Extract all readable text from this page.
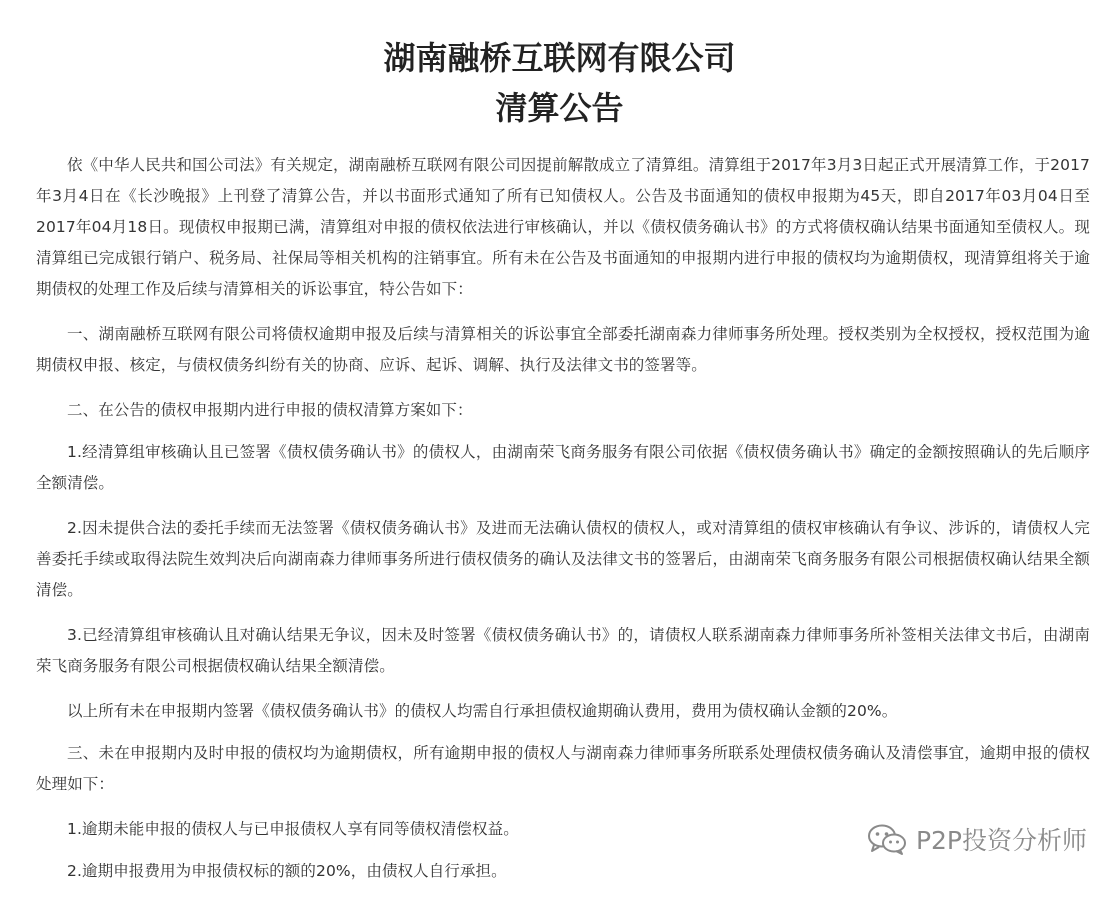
湖南融桥互联网有限公司
清算公告

依《中华人民共和国公司法》有关规定，湖南融桥互联网有限公司因提前解散成立了清算组。清算组于2017年3月3日起正式开展清算工作，于2017年3月4日在《长沙晚报》上刊登了清算公告，并以书面形式通知了所有已知债权人。公告及书面通知的债权申报期为45天，即自2017年03月04日至2017年04月18日。现债权申报期已满，清算组对申报的债权依法进行审核确认，并以《债权债务确认书》的方式将债权确认结果书面通知至债权人。现清算组已完成银行销户、税务局、社保局等相关机构的注销事宜。所有未在公告及书面通知的申报期内进行申报的债权均为逾期债权，现清算组将关于逾期债权的处理工作及后续与清算相关的诉讼事宜，特公告如下：

一、湖南融桥互联网有限公司将债权逾期申报及后续与清算相关的诉讼事宜全部委托湖南森力律师事务所处理。授权类别为全权授权，授权范围为逾期债权申报、核定，与债权债务纠纷有关的协商、应诉、起诉、调解、执行及法律文书的签署等。

二、在公告的债权申报期内进行申报的债权清算方案如下：

1.经清算组审核确认且已签署《债权债务确认书》的债权人，由湖南荣飞商务服务有限公司依据《债权债务确认书》确定的金额按照确认的先后顺序全额清偿。

2.因未提供合法的委托手续而无法签署《债权债务确认书》及进而无法确认债权的债权人，或对清算组的债权审核确认有争议、涉诉的，请债权人完善委托手续或取得法院生效判决后向湖南森力律师事务所进行债权债务的确认及法律文书的签署后，由湖南荣飞商务服务有限公司根据债权确认结果全额清偿。

3.已经清算组审核确认且对确认结果无争议，因未及时签署《债权债务确认书》的，请债权人联系湖南森力律师事务所补签相关法律文书后，由湖南荣飞商务服务有限公司根据债权确认结果全额清偿。

以上所有未在申报期内签署《债权债务确认书》的债权人均需自行承担债权逾期确认费用，费用为债权确认金额的20%。

三、未在申报期内及时申报的债权均为逾期债权，所有逾期申报的债权人与湖南森力律师事务所联系处理债权债务确认及清偿事宜，逾期申报的债权处理如下：

1.逾期未能申报的债权人与已申报债权人享有同等债权清偿权益。

2.逾期申报费用为申报债权标的额的20%，由债权人自行承担。

P2P投资分析师
